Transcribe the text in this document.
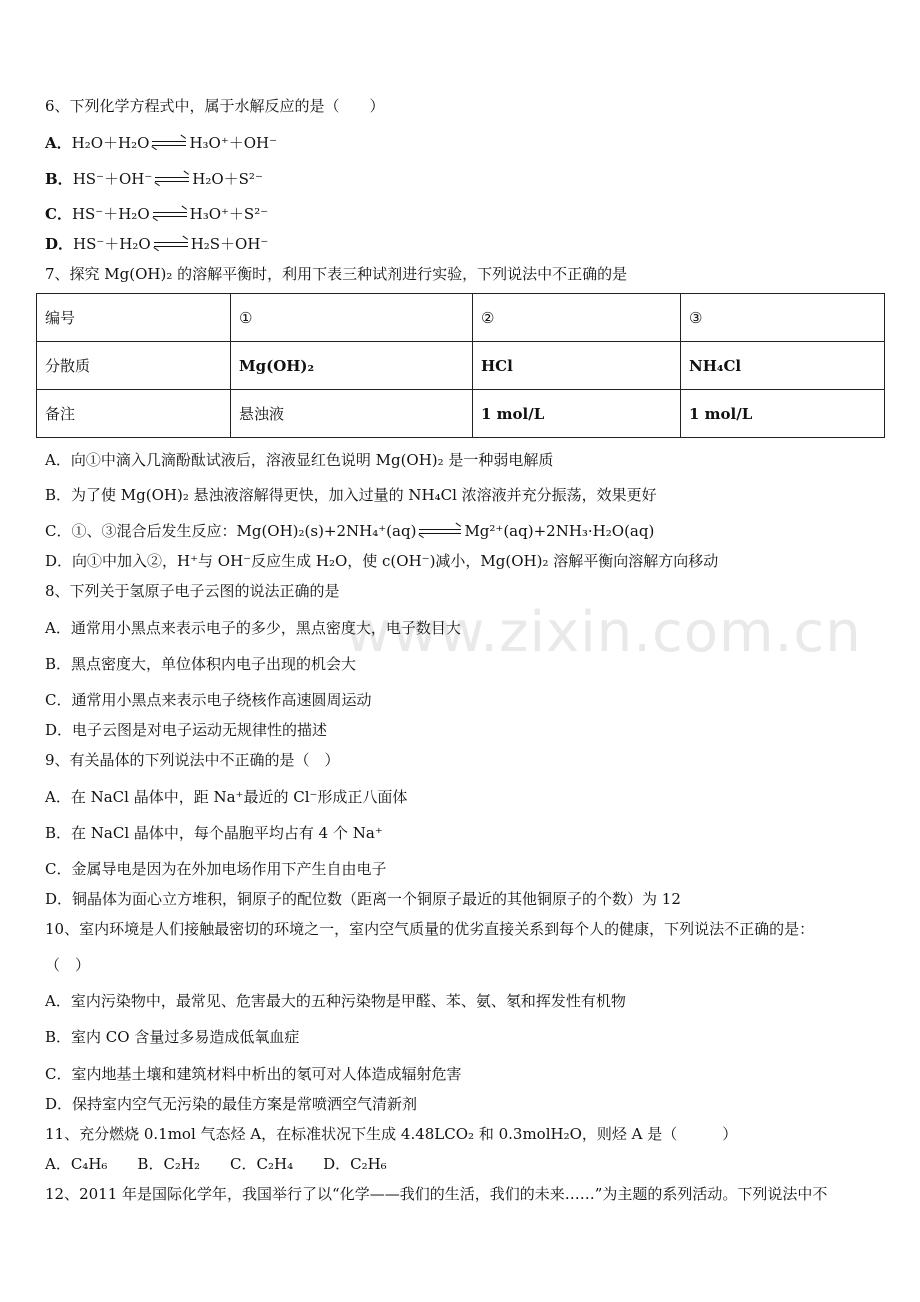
www.zixin.com.cn
6、下列化学方程式中，属于水解反应的是（　　）
A．H₂O＋H₂O	H₃O⁺＋OH⁻
B．HS⁻＋OH⁻	H₂O＋S²⁻
C．HS⁻＋H₂O	H₃O⁺＋S²⁻
D．HS⁻＋H₂O	H₂S＋OH⁻
7、探究 Mg(OH)₂ 的溶解平衡时，利用下表三种试剂进行实验，下列说法中不正确的是
编号	①	②	③
分散质	Mg(OH)₂	HCl	NH₄Cl
备注	悬浊液	1 mol/L	1 mol/L
A．向①中滴入几滴酚酞试液后，溶液显红色说明 Mg(OH)₂ 是一种弱电解质
B．为了使 Mg(OH)₂ 悬浊液溶解得更快，加入过量的 NH₄Cl 浓溶液并充分振荡，效果更好
C．①、③混合后发生反应：Mg(OH)₂(s)+2NH₄⁺(aq)	Mg²⁺(aq)+2NH₃·H₂O(aq)
D．向①中加入②，H⁺与 OH⁻反应生成 H₂O，使 c(OH⁻)减小，Mg(OH)₂ 溶解平衡向溶解方向移动
8、下列关于氢原子电子云图的说法正确的是
A．通常用小黑点来表示电子的多少，黑点密度大，电子数目大
B．黑点密度大，单位体积内电子出现的机会大
C．通常用小黑点来表示电子绕核作高速圆周运动
D．电子云图是对电子运动无规律性的描述
9、有关晶体的下列说法中不正确的是（　）
A．在 NaCl 晶体中，距 Na⁺最近的 Cl⁻形成正八面体
B．在 NaCl 晶体中，每个晶胞平均占有 4 个 Na⁺
C．金属导电是因为在外加电场作用下产生自由电子
D．铜晶体为面心立方堆积，铜原子的配位数（距离一个铜原子最近的其他铜原子的个数）为 12
10、室内环境是人们接触最密切的环境之一，室内空气质量的优劣直接关系到每个人的健康，下列说法不正确的是：
（　）
A．室内污染物中，最常见、危害最大的五种污染物是甲醛、苯、氨、氡和挥发性有机物
B．室内 CO 含量过多易造成低氧血症
C．室内地基土壤和建筑材料中析出的氡可对人体造成辐射危害
D．保持室内空气无污染的最佳方案是常喷洒空气清新剂
11、充分燃烧 0.1mol 气态烃 A，在标准状况下生成 4.48LCO₂ 和 0.3molH₂O，则烃 A 是（　　　）
A．C₄H₆　　B．C₂H₂　　C．C₂H₄　　D．C₂H₆
12、2011 年是国际化学年，我国举行了以“化学——我们的生活，我们的未来……”为主题的系列活动。下列说法中不
